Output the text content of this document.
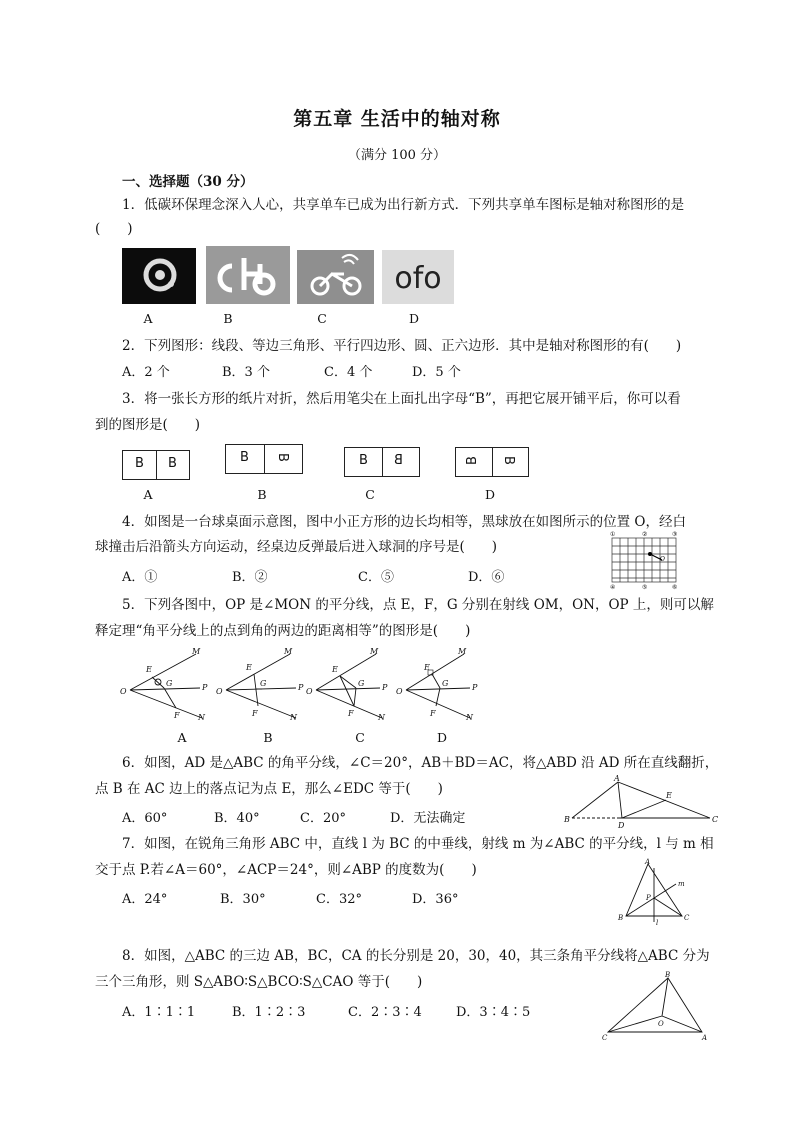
第五章 生活中的轴对称
（满分 100 分）
一、选择题（30 分）
1．低碳环保理念深入人心，共享单车已成为出行新方式．下列共享单车图标是轴对称图形的是
(　　)
ofo
A	B	C	D
2．下列图形：线段、等边三角形、平行四边形、圆、正六边形．其中是轴对称图形的有(　　)
A．2 个	B．3 个	C．4 个	D．5 个
3．将一张长方形的纸片对折，然后用笔尖在上面扎出字母“B”，再把它展开铺平后，你可以看
到的图形是(　　)
B B	B B	B B	B B
A	B	C	D
4．如图是一台球桌面示意图，图中小正方形的边长均相等，黑球放在如图所示的位置 O，经白
球撞击后沿箭头方向运动，经桌边反弹最后进入球洞的序号是(　　)
A．①	B．②	C．⑤	D．⑥
①	②	③
④	⑤	⑥
O
5．下列各图中，OP 是∠MON 的平分线，点 E，F，G 分别在射线 OM，ON，OP 上，则可以解
释定理“角平分线上的点到角的两边的距离相等”的图形是(　　)
O
E
G
F
M
P
N
O
E
G
F
M
P
N
O
E
G
F
M
P
N
O
E
G
F
M
P
N
A	B	C	D
6．如图，AD 是△ABC 的角平分线，∠C＝20°，AB＋BD＝AC，将△ABD 沿 AD 所在直线翻折，
点 B 在 AC 边上的落点记为点 E，那么∠EDC 等于(　　)
A．60°	B．40°	C．20°	D．无法确定
A
B	C
D
E
7．如图，在锐角三角形 ABC 中，直线 l 为 BC 的中垂线，射线 m 为∠ABC 的平分线，l 与 m 相
交于点 P.若∠A＝60°，∠ACP＝24°，则∠ABP 的度数为(　　)
A．24°	B．30°	C．32°	D．36°
A
B	C
P
l
m
8．如图，△ABC 的三边 AB，BC，CA 的长分别是 20，30，40，其三条角平分线将△ABC 分为
三个三角形，则 S△ABO∶S△BCO∶S△CAO 等于(　　)
A．1∶1∶1	B．1∶2∶3	C．2∶3∶4	D．3∶4∶5
B
C	A
O
